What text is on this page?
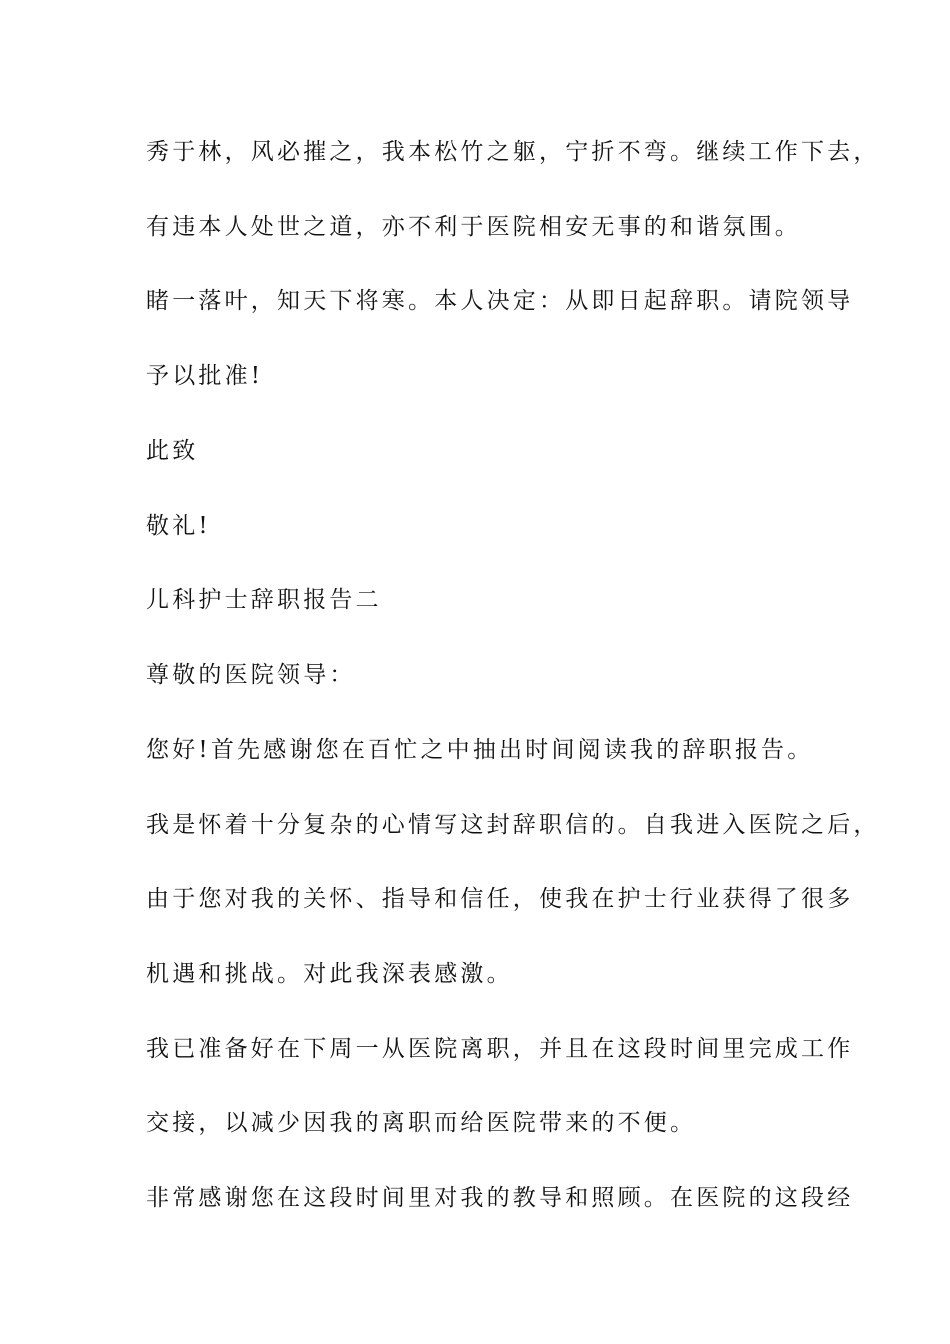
秀于林，风必摧之，我本松竹之躯，宁折不弯。继续工作下去，
有违本人处世之道，亦不利于医院相安无事的和谐氛围。
睹一落叶，知天下将寒。本人决定：从即日起辞职。请院领导
予以批准!
此致
敬礼!
儿科护士辞职报告二
尊敬的医院领导：
您好!首先感谢您在百忙之中抽出时间阅读我的辞职报告。
我是怀着十分复杂的心情写这封辞职信的。自我进入医院之后，
由于您对我的关怀、指导和信任，使我在护士行业获得了很多
机遇和挑战。对此我深表感激。
我已准备好在下周一从医院离职，并且在这段时间里完成工作
交接，以减少因我的离职而给医院带来的不便。
非常感谢您在这段时间里对我的教导和照顾。在医院的这段经
